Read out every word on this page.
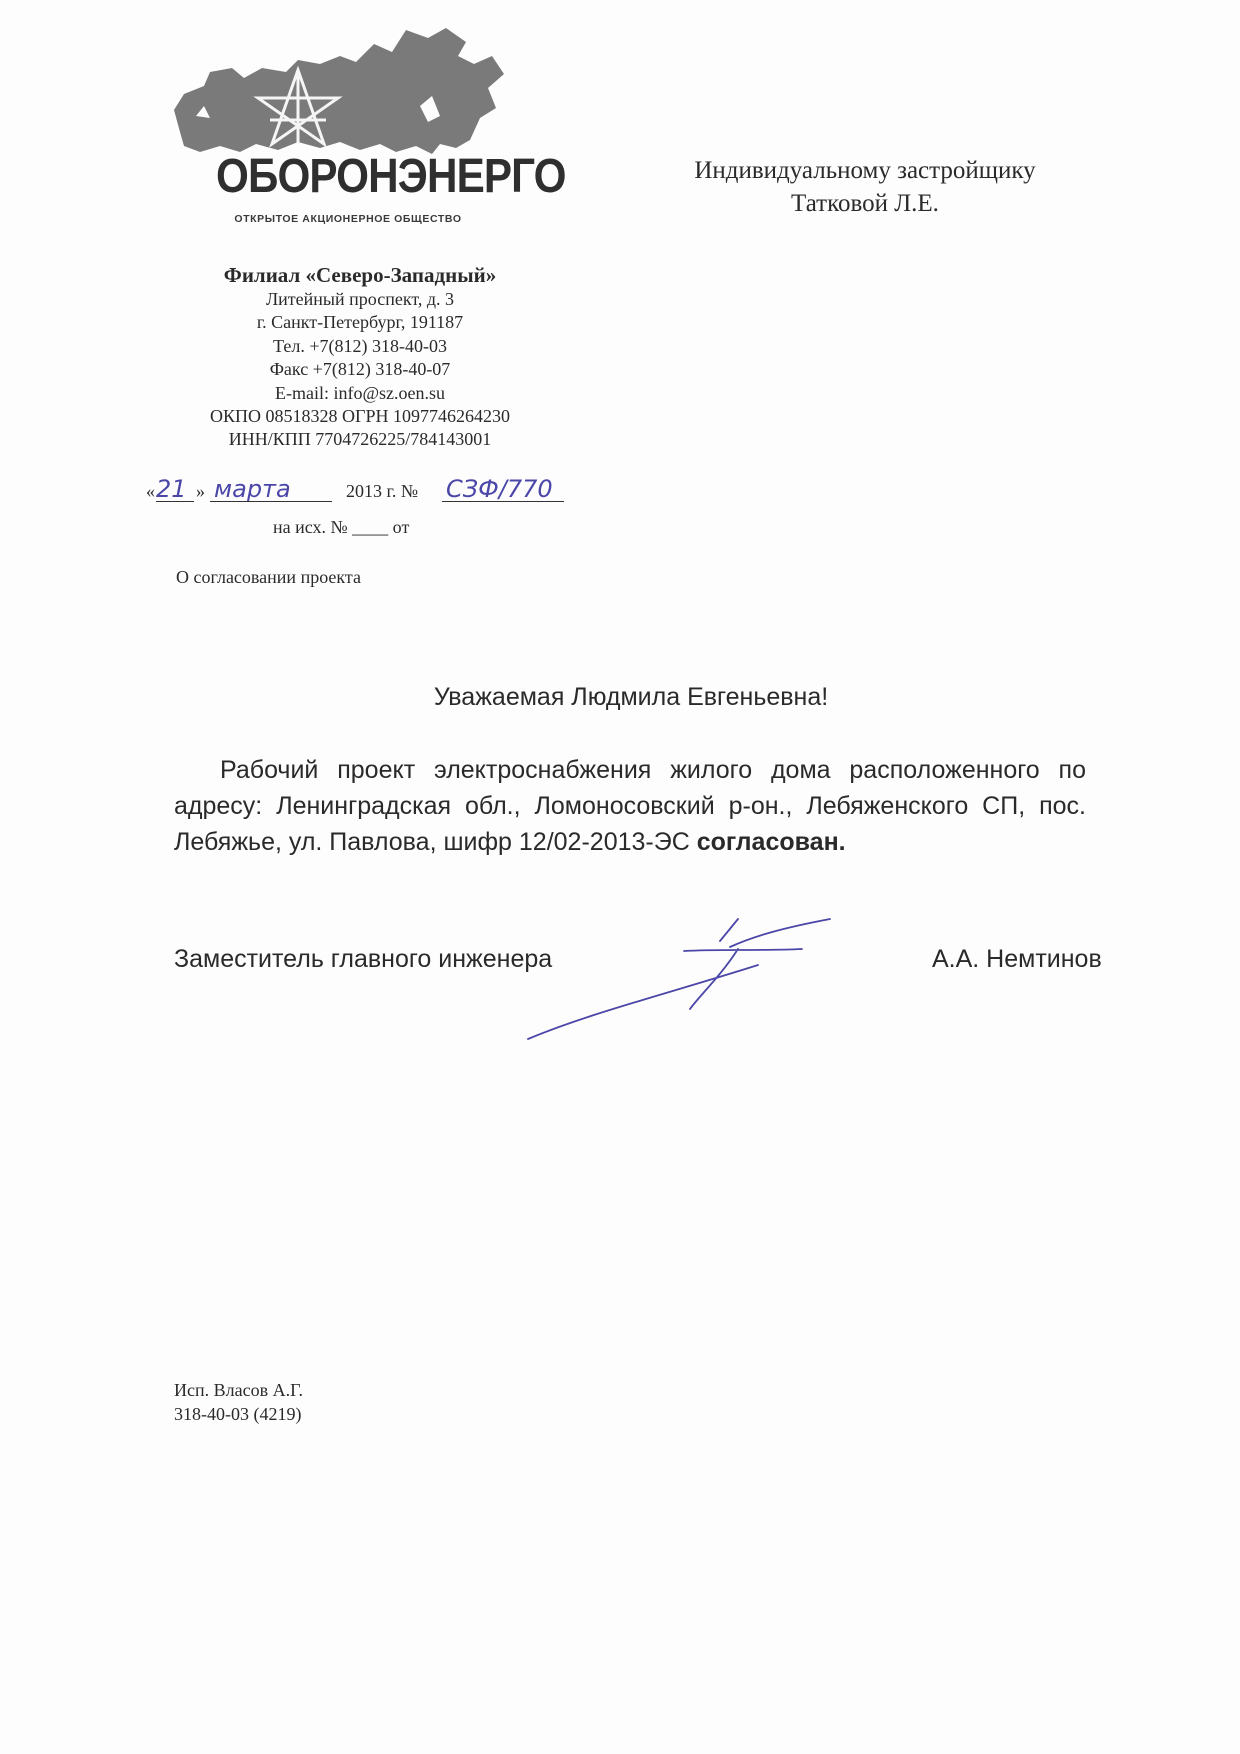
ОБОРОНЭНЕРГО
ОТКРЫТОЕ АКЦИОНЕРНОЕ ОБЩЕСТВО
Индивидуальному застройщику
Татковой Л.Е.
Филиал «Северо-Западный»
Литейный проспект, д. 3
г. Санкт-Петербург, 191187
Тел. +7(812) 318-40-03
Факс +7(812) 318-40-07
E-mail: info@sz.oen.su
ОКПО 08518328 ОГРН 1097746264230
ИНН/КПП 7704726225/784143001
« 21 » марта	2013 г. № СЗФ/770
на исх. № ____ от
О согласовании проекта
Уважаемая Людмила Евгеньевна!
Рабочий проект электроснабжения жилого дома расположенного по адресу: Ленинградская обл., Ломоносовский р-он., Лебяженского СП, пос. Лебяжье, ул. Павлова, шифр 12/02-2013-ЭС согласован.
Заместитель главного инженера	А.А. Немтинов
Исп. Власов А.Г.
318-40-03 (4219)
